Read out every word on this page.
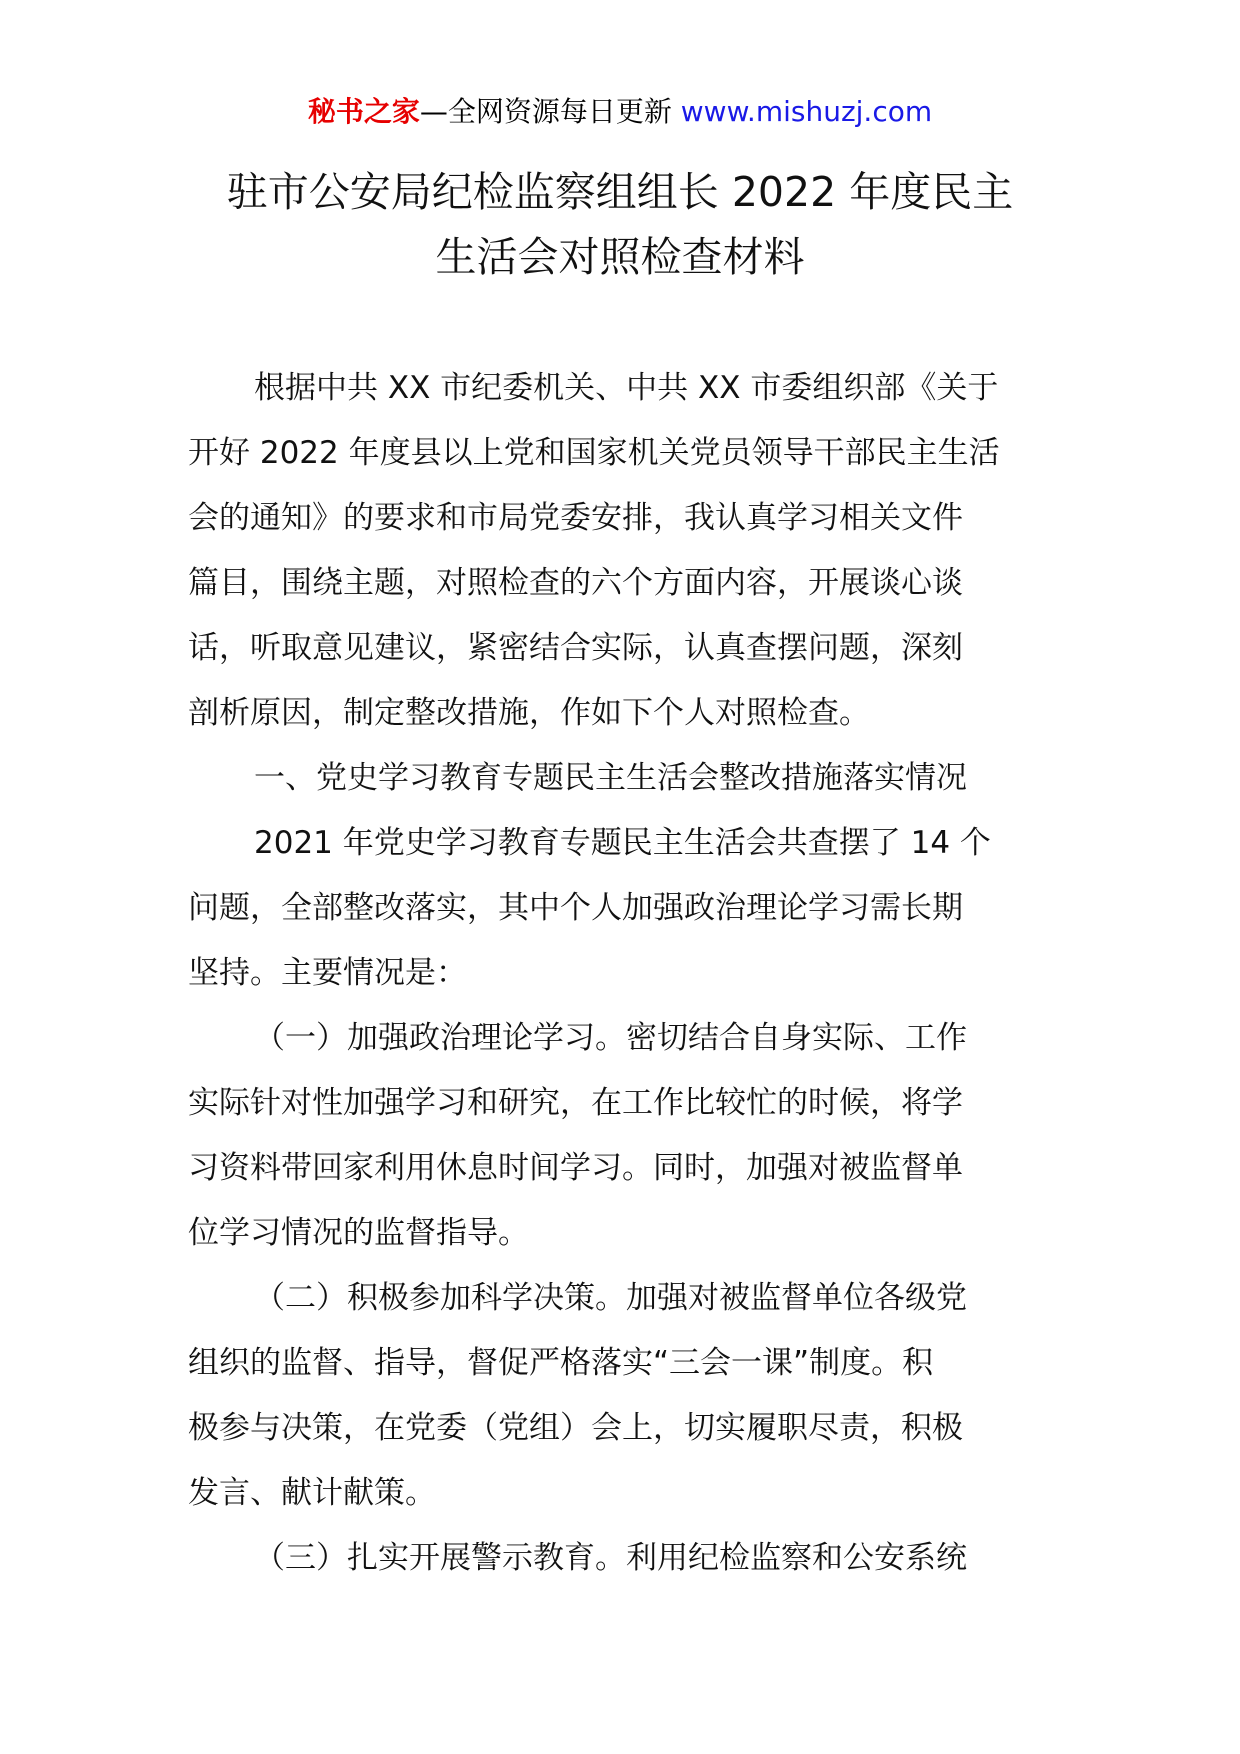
秘书之家—全网资源每日更新 www.mishuzj.com
驻市公安局纪检监察组组长 2022 年度民主
生活会对照检查材料

根据中共 XX 市纪委机关、中共 XX 市委组织部《关于
开好 2022 年度县以上党和国家机关党员领导干部民主生活
会的通知》的要求和市局党委安排，我认真学习相关文件
篇目，围绕主题，对照检查的六个方面内容，开展谈心谈
话，听取意见建议，紧密结合实际，认真查摆问题，深刻
剖析原因，制定整改措施，作如下个人对照检查。

一、党史学习教育专题民主生活会整改措施落实情况

2021 年党史学习教育专题民主生活会共查摆了 14 个
问题，全部整改落实，其中个人加强政治理论学习需长期
坚持。主要情况是：

（一）加强政治理论学习。密切结合自身实际、工作
实际针对性加强学习和研究，在工作比较忙的时候，将学
习资料带回家利用休息时间学习。同时，加强对被监督单
位学习情况的监督指导。

（二）积极参加科学决策。加强对被监督单位各级党
组织的监督、指导，督促严格落实“三会一课”制度。积
极参与决策，在党委（党组）会上，切实履职尽责，积极
发言、献计献策。

（三）扎实开展警示教育。利用纪检监察和公安系统
